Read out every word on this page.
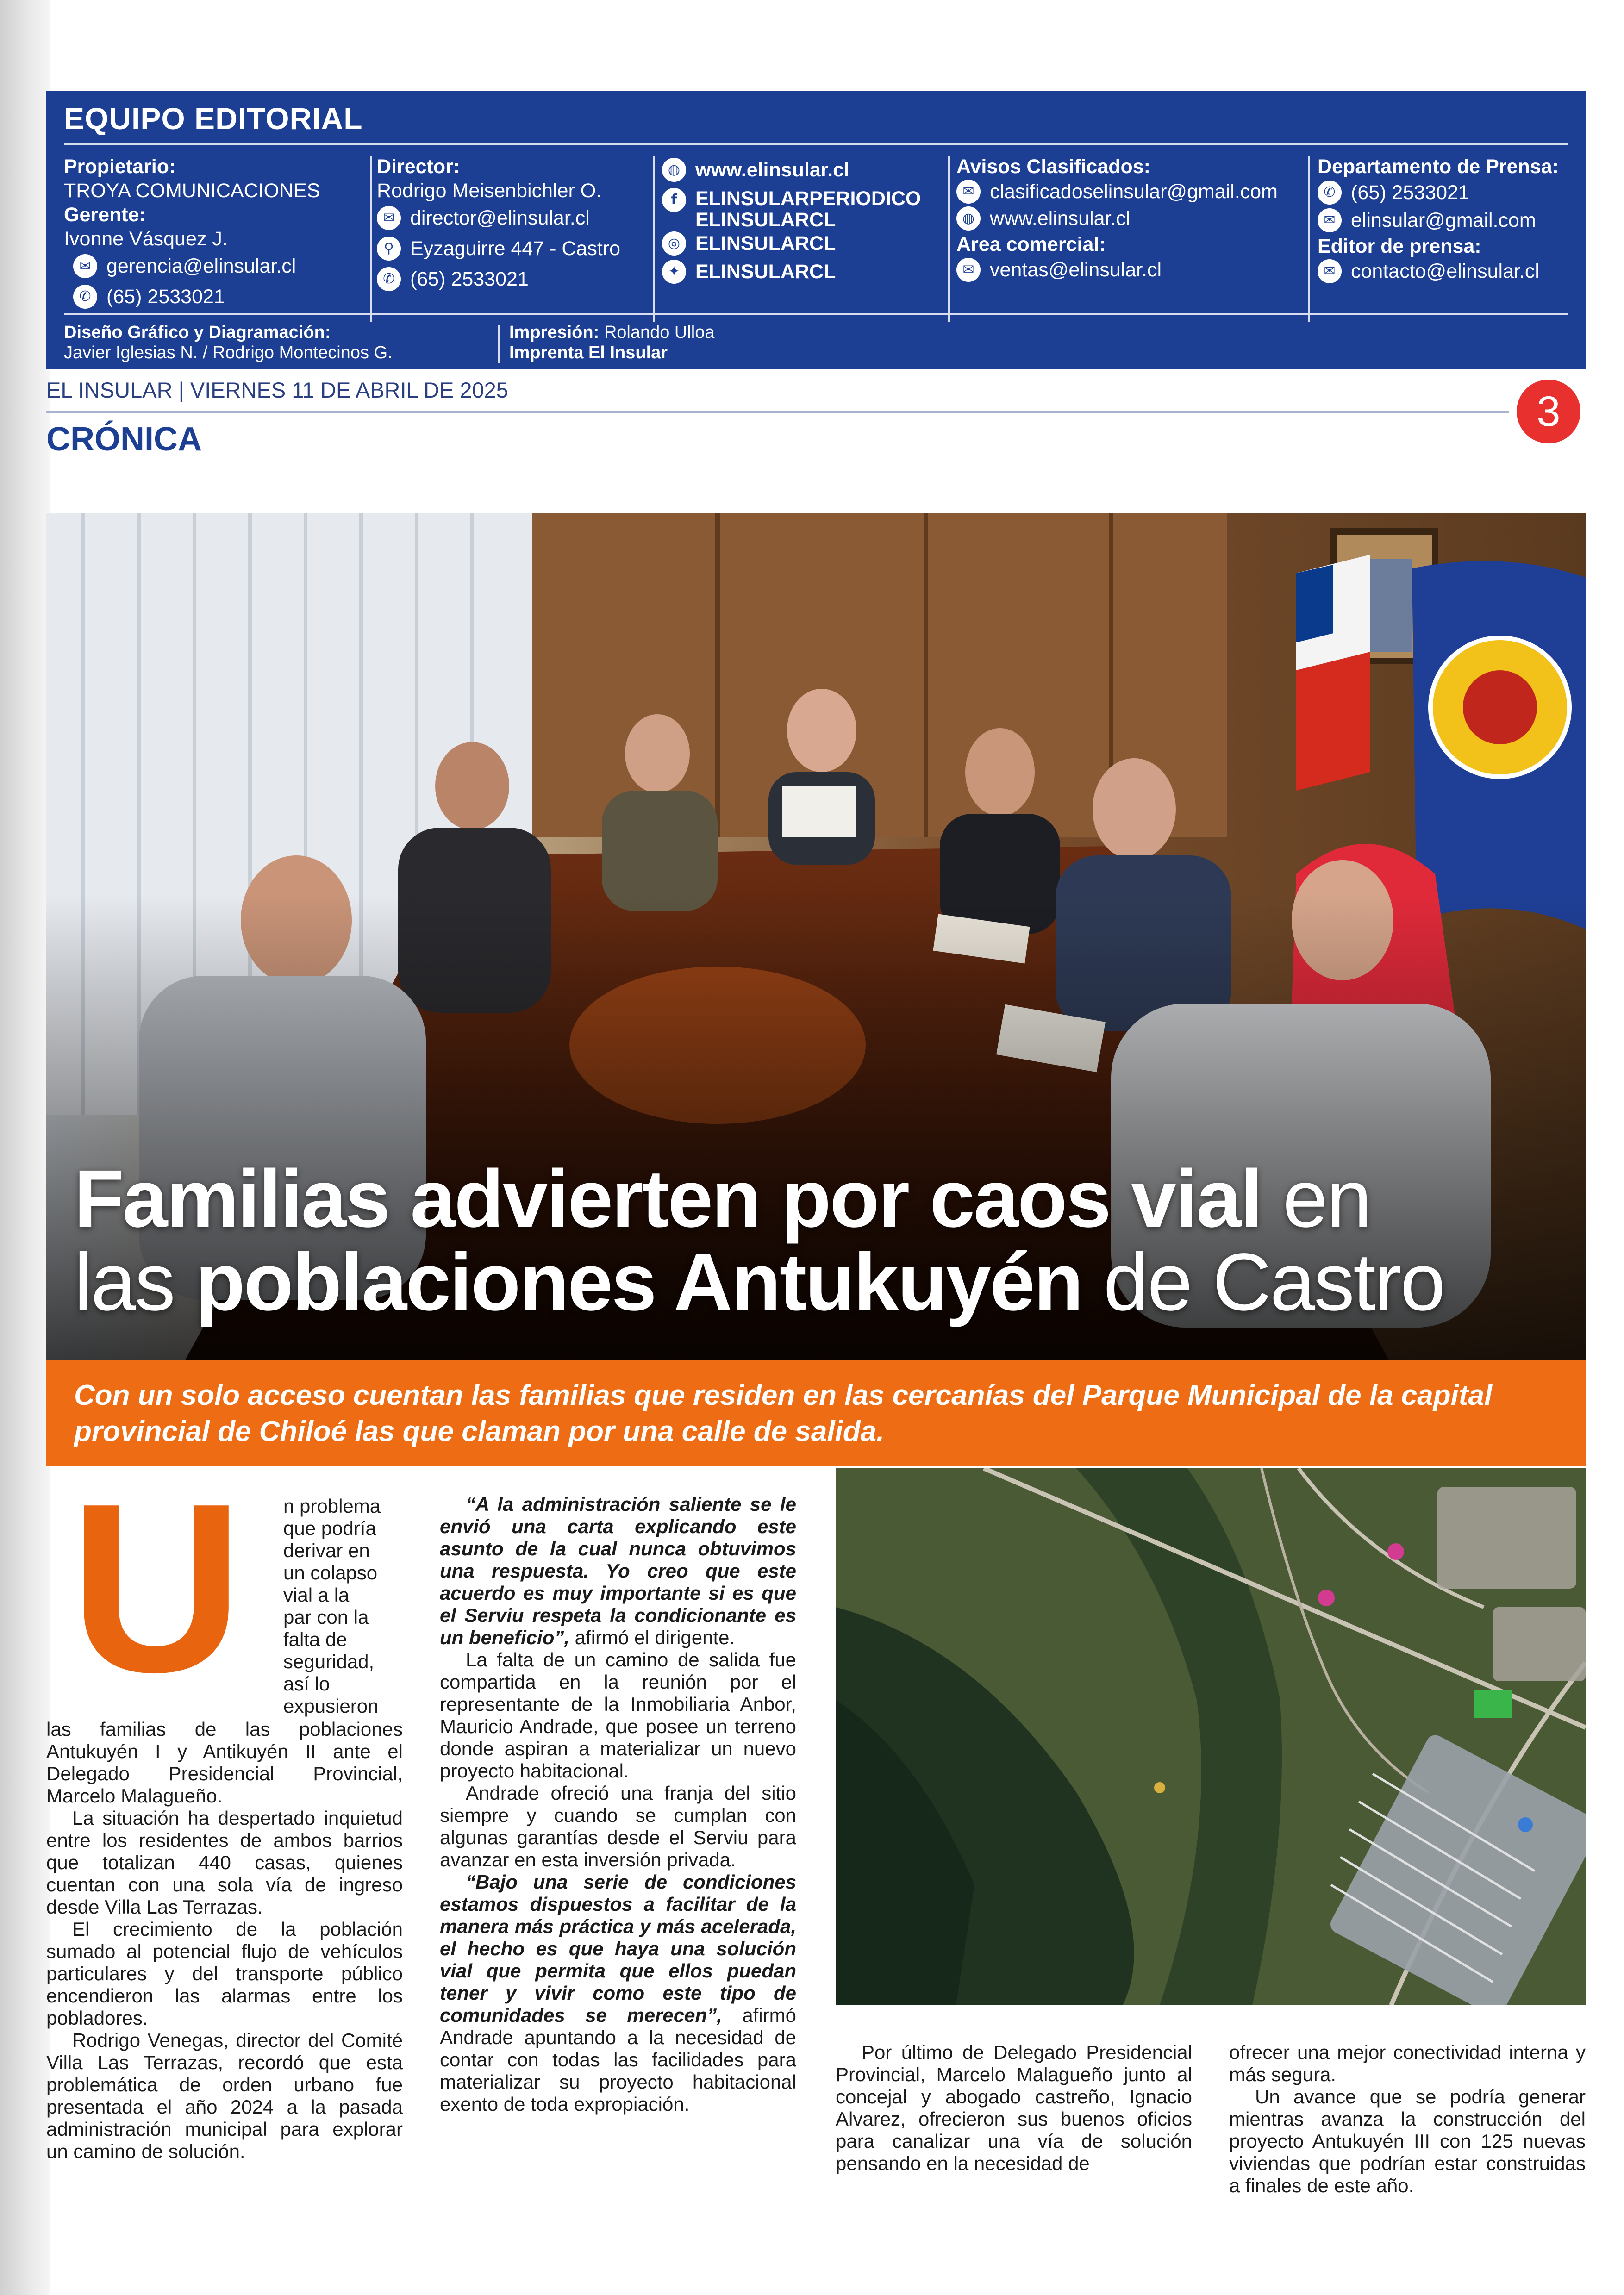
EQUIPO EDITORIAL
Propietario:
TROYA COMUNICACIONES
Gerente:
Ivonne Vásquez J.
✉ gerencia@elinsular.cl
✆ (65) 2533021
Director:
Rodrigo Meisenbichler O.
✉ director@elinsular.cl
⚲ Eyzaguirre 447 - Castro
✆ (65) 2533021
◍ www.elinsular.cl
f ELINSULARPERIODICO ELINSULARCL
◎ ELINSULARCL
✦ ELINSULARCL
Avisos Clasificados:
✉ clasificadoselinsular@gmail.com
◍ www.elinsular.cl
Area comercial:
✉ ventas@elinsular.cl
Departamento de Prensa:
✆ (65) 2533021
✉ elinsular@gmail.com
Editor de prensa:
✉ contacto@elinsular.cl
Diseño Gráfico y Diagramación:
Javier Iglesias N. / Rodrigo Montecinos G.
Impresión: Rolando Ulloa
Imprenta El Insular
EL INSULAR | VIERNES 11 DE ABRIL DE 2025	3
CRÓNICA
Familias advierten por caos vial en
las poblaciones Antukuyén de Castro
Con un solo acceso cuentan las familias que residen en las cercanías del Parque Municipal de la capital provincial de Chiloé las que claman por una calle de salida.
U n problema
que podría
derivar en
un colapso
vial a la
par con la
falta de
seguridad,
así lo
expusieron

las familias de las poblaciones Antukuyén I y Antikuyén II ante el Delegado Presidencial Provincial, Marcelo Malagueño.

La situación ha despertado inquietud entre los residentes de ambos barrios que totalizan 440 casas, quienes cuentan con una sola vía de ingreso desde Villa Las Terrazas.

El crecimiento de la población sumado al potencial flujo de vehículos particulares y del transporte público encendieron las alarmas entre los pobladores.

Rodrigo Venegas, director del Comité Villa Las Terrazas, recordó que esta problemática de orden urbano fue presentada el año 2024 a la pasada administración municipal para explorar un camino de solución.

“A la administración saliente se le envió una carta explicando este asunto de la cual nunca obtuvimos una respuesta. Yo creo que este acuerdo es muy importante si es que el Serviu respeta la condicionante es un beneficio”, afirmó el dirigente.

La falta de un camino de salida fue compartida en la reunión por el representante de la Inmobiliaria Anbor, Mauricio Andrade, que posee un terreno donde aspiran a materializar un nuevo proyecto habitacional.

Andrade ofreció una franja del sitio siempre y cuando se cumplan con algunas garantías desde el Serviu para avanzar en esta inversión privada.

“Bajo una serie de condiciones estamos dispuestos a facilitar de la manera más práctica y más acelerada, el hecho es que haya una solución vial que permita que ellos puedan tener y vivir como este tipo de comunidades se merecen”, afirmó Andrade apuntando a la necesidad de contar con todas las facilidades para materializar su proyecto habitacional exento de toda expropiación.

Por último de Delegado Presidencial Provincial, Marcelo Malagueño junto al concejal y abogado castreño, Ignacio Alvarez, ofrecieron sus buenos oficios para canalizar una vía de solución pensando en la necesidad de

ofrecer una mejor conectividad interna y más segura.

Un avance que se podría generar mientras avanza la construcción del proyecto Antukuyén III con 125 nuevas viviendas que podrían estar construidas a finales de este año.
